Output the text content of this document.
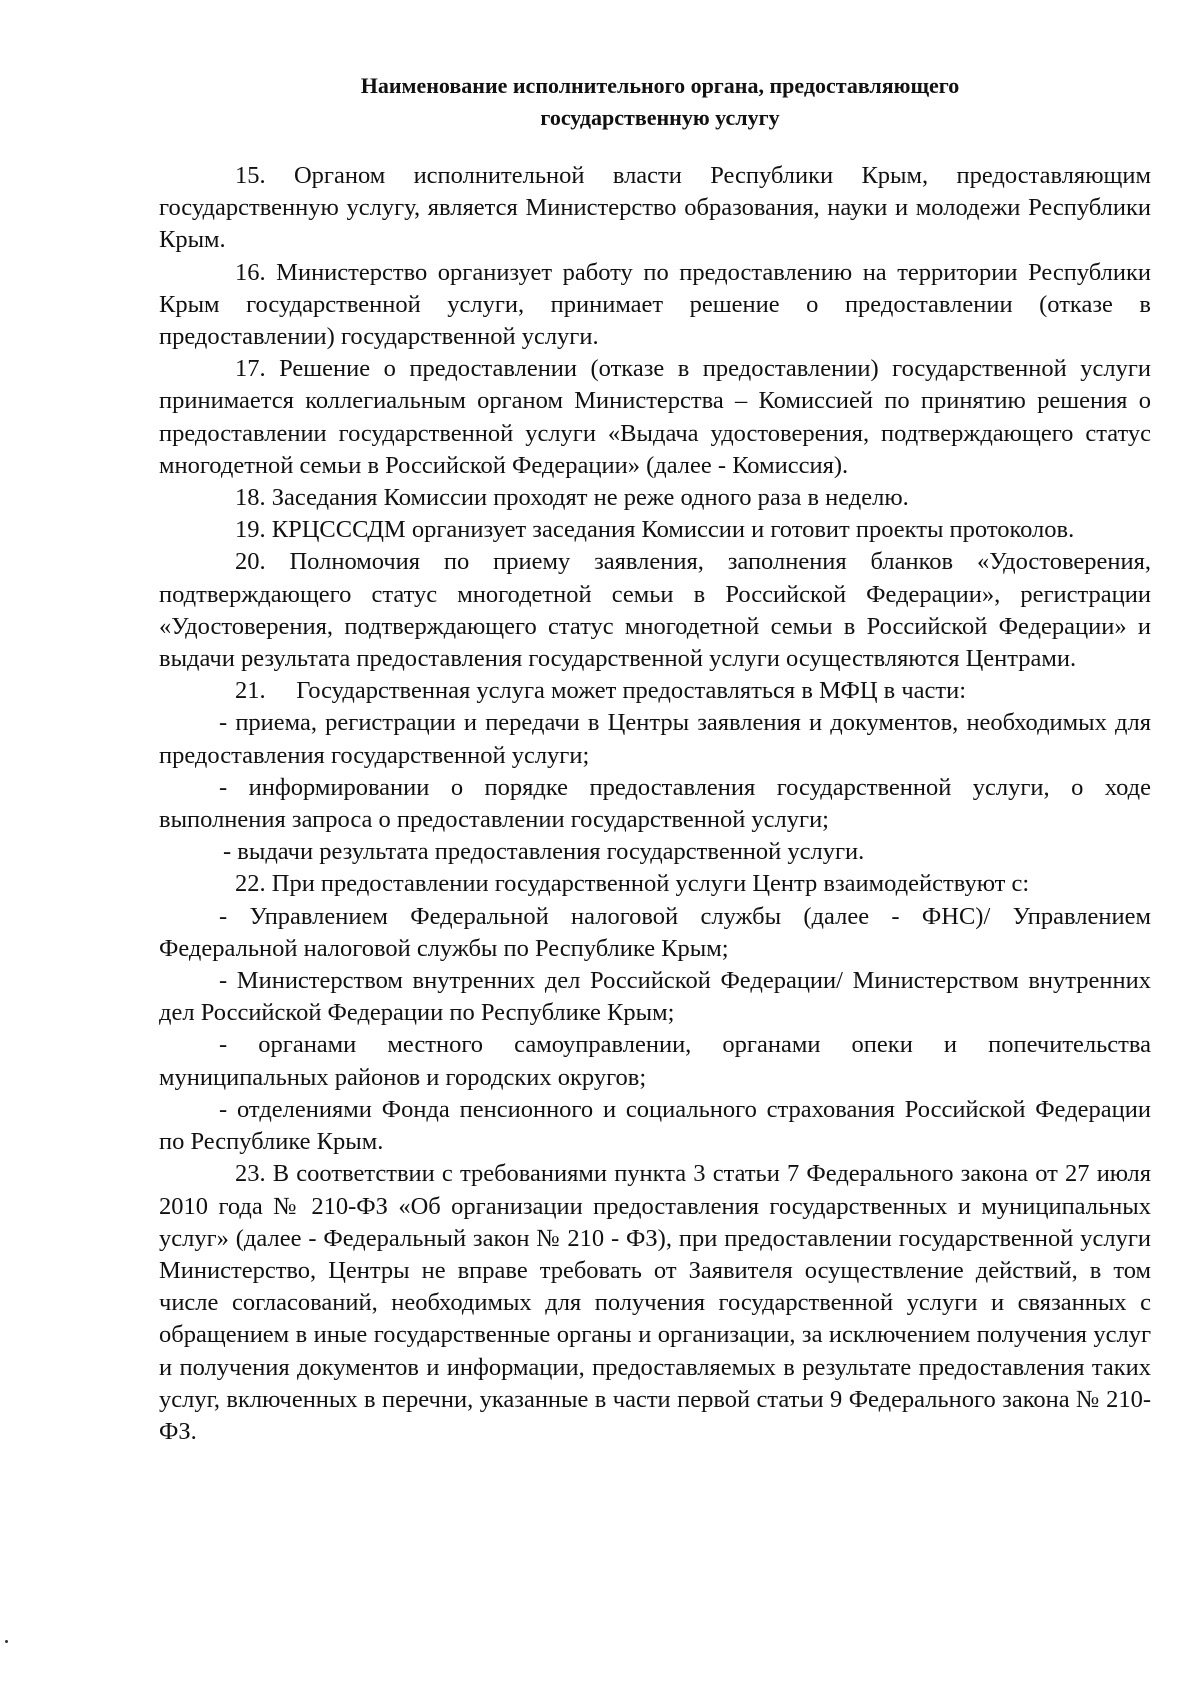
Наименование исполнительного органа, предоставляющего
государственную услугу

15. Органом исполнительной власти Республики Крым, предоставляющим государственную услугу, является Министерство образования, науки и молодежи Республики Крым.

16. Министерство организует работу по предоставлению на территории Республики Крым государственной услуги, принимает решение о предоставлении (отказе в предоставлении) государственной услуги.

17. Решение о предоставлении (отказе в предоставлении) государственной услуги принимается коллегиальным органом Министерства – Комиссией по принятию решения о предоставлении государственной услуги «Выдача удостоверения, подтверждающего статус многодетной семьи в Российской Федерации» (далее - Комиссия).

18. Заседания Комиссии проходят не реже одного раза в неделю.

19. КРЦСССДМ организует заседания Комиссии и готовит проекты протоколов.

20. Полномочия по приему заявления, заполнения бланков «Удостоверения, подтверждающего статус многодетной семьи в Российской Федерации», регистрации «Удостоверения, подтверждающего статус многодетной семьи в Российской Федерации» и выдачи результата предоставления государственной услуги осуществляются Центрами.

21.     Государственная услуга может предоставляться в МФЦ в части:

- приема, регистрации и передачи в Центры заявления и документов, необходимых для предоставления государственной услуги;

- информировании о порядке предоставления государственной услуги, о ходе выполнения запроса о предоставлении государственной услуги;

- выдачи результата предоставления государственной услуги.

22. При предоставлении государственной услуги Центр взаимодействуют с:

- Управлением Федеральной налоговой службы (далее - ФНС)/ Управлением Федеральной налоговой службы по Республике Крым;

- Министерством внутренних дел Российской Федерации/ Министерством внутренних дел Российской Федерации по Республике Крым;

- органами местного самоуправлении, органами опеки и попечительства муниципальных районов и городских округов;

- отделениями Фонда пенсионного и социального страхования Российской Федерации по Республике Крым.

23. В соответствии с требованиями пункта 3 статьи 7 Федерального закона от 27 июля 2010 года № 210-ФЗ «Об организации предоставления государственных и муниципальных услуг» (далее - Федеральный закон № 210 - ФЗ), при предоставлении государственной услуги Министерство, Центры не вправе требовать от Заявителя осуществление действий, в том числе согласований, необходимых для получения государственной услуги и связанных с обращением в иные государственные органы и организации, за исключением получения услуг и получения документов и информации, предоставляемых в результате предоставления таких услуг, включенных в перечни, указанные в части первой статьи 9 Федерального закона № 210-ФЗ.
